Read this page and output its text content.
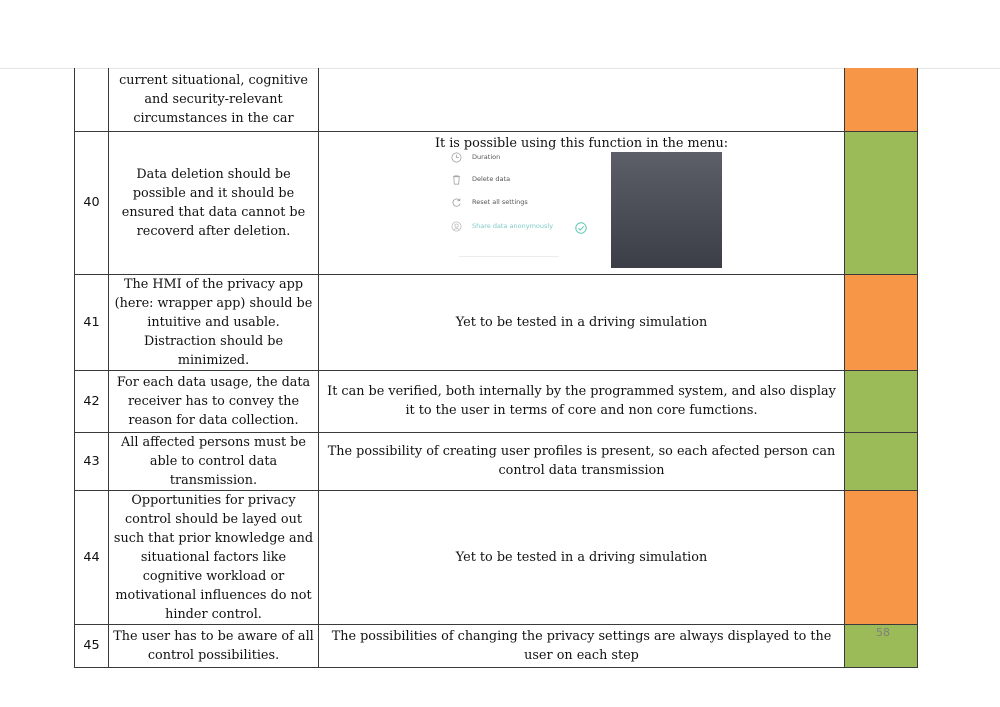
	current situational, cognitive and security-relevant circumstances in the car		
40	Data deletion should be possible and it should be ensured that data cannot be recoverd after deletion.	It is possible using this function in the menu:
Duration
Delete data
Reset all settings
Share data anonymously	

41	The HMI of the privacy app (here: wrapper app) should be intuitive and usable. Distraction should be minimized.	Yet to be tested in a driving simulation	
42	For each data usage, the data receiver has to convey the reason for data collection.	It can be verified, both internally by the programmed system, and also display it to the user in terms of core and non core fumctions.	
43	All affected persons must be able to control data transmission.	The possibility of creating user profiles is present, so each afected person can control data transmission	
44	Opportunities for privacy control should be layed out such that prior knowledge and situational factors like cognitive workload or motivational influences do not hinder control.	Yet to be tested in a driving simulation	
45	The user has to be aware of all control possibilities.	The possibilities of changing the privacy settings are always displayed to the user on each step	
58
